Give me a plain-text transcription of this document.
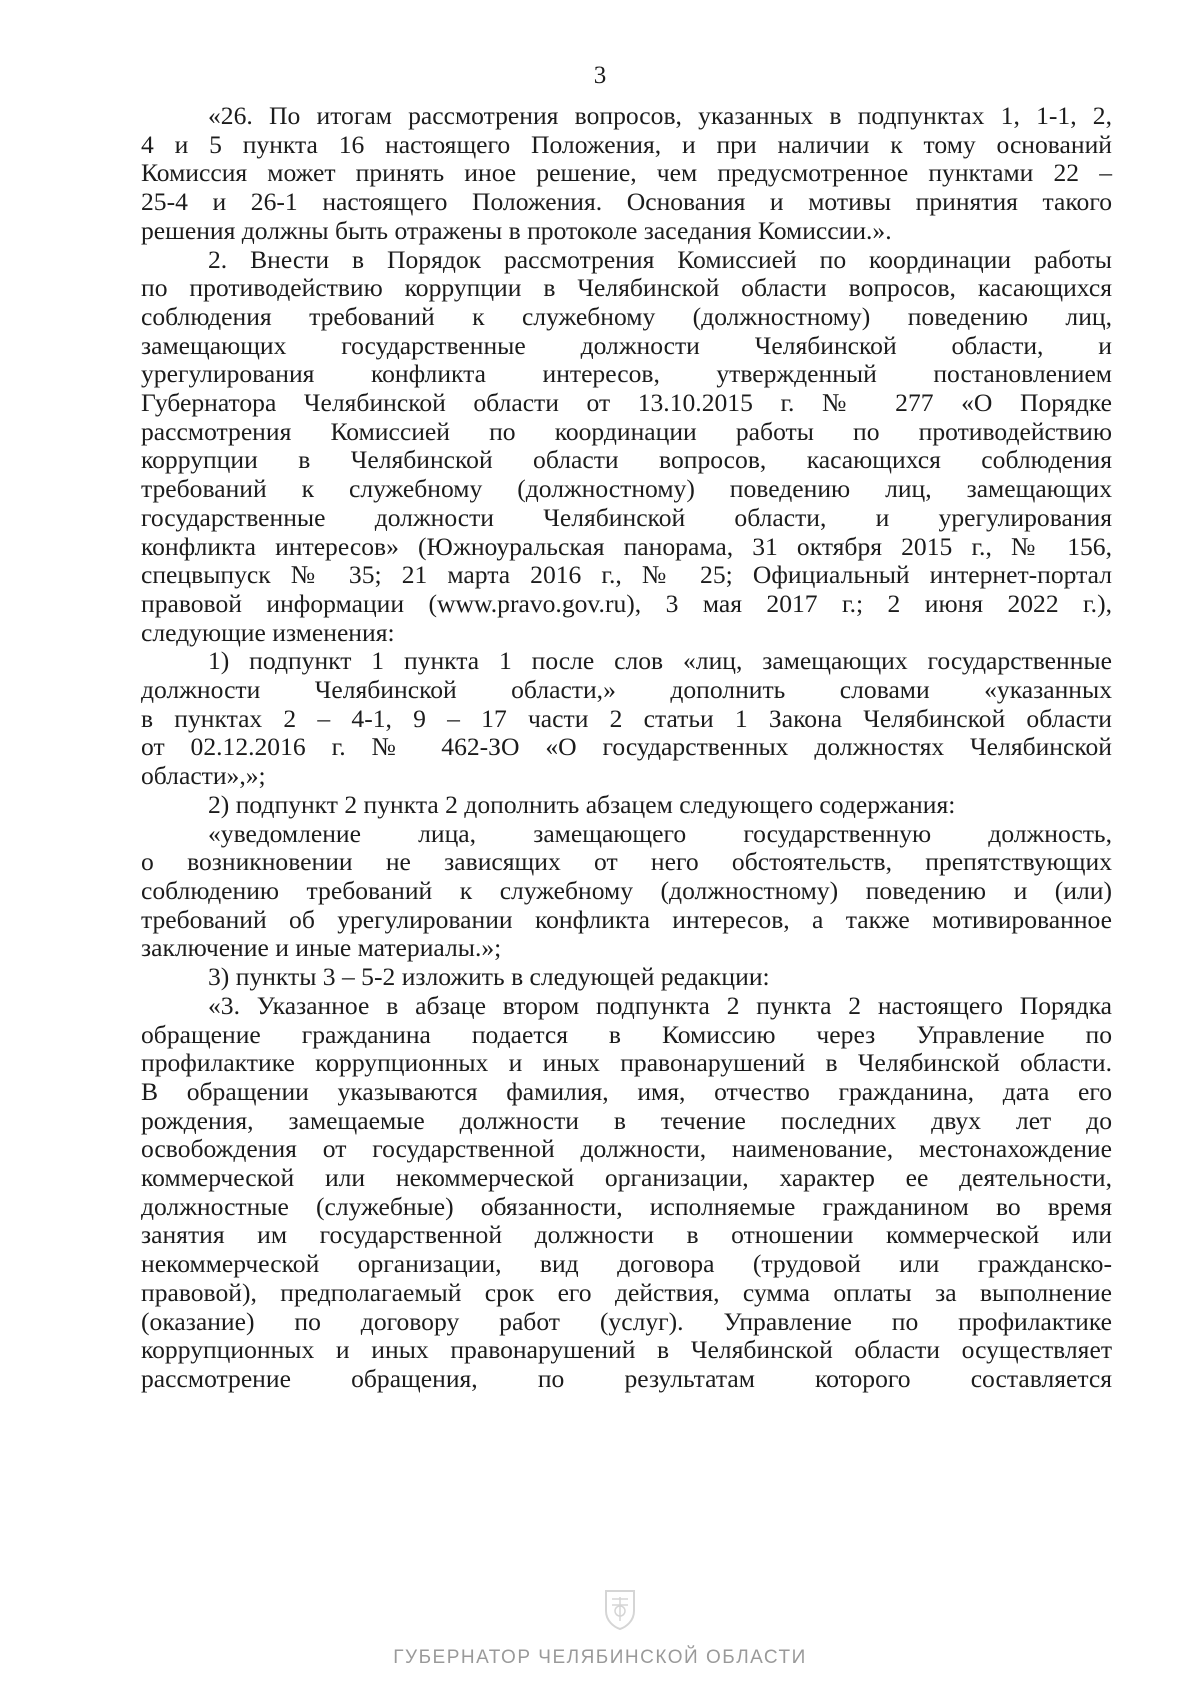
3
«26. По итогам рассмотрения вопросов, указанных в подпунктах 1, 1-1, 2,
4 и 5 пункта 16 настоящего Положения, и при наличии к тому оснований
Комиссия может принять иное решение, чем предусмотренное пунктами 22 –
25-4 и 26-1 настоящего Положения. Основания и мотивы принятия такого
решения должны быть отражены в протоколе заседания Комиссии.».
2. Внести в Порядок рассмотрения Комиссией по координации работы
по противодействию коррупции в Челябинской области вопросов, касающихся
соблюдения требований к служебному (должностному) поведению лиц,
замещающих государственные должности Челябинской области, и
урегулирования конфликта интересов, утвержденный постановлением
Губернатора Челябинской области от 13.10.2015 г. № 277 «О Порядке
рассмотрения Комиссией по координации работы по противодействию
коррупции в Челябинской области вопросов, касающихся соблюдения
требований к служебному (должностному) поведению лиц, замещающих
государственные должности Челябинской области, и урегулирования
конфликта интересов» (Южноуральская панорама, 31 октября 2015 г., № 156,
спецвыпуск № 35; 21 марта 2016 г., № 25; Официальный интернет-портал
правовой информации (www.pravo.gov.ru), 3 мая 2017 г.; 2 июня 2022 г.),
следующие изменения:
1) подпункт 1 пункта 1 после слов «лиц, замещающих государственные
должности Челябинской области,» дополнить словами «указанных
в пунктах 2 – 4-1, 9 – 17 части 2 статьи 1 Закона Челябинской области
от 02.12.2016 г. № 462-ЗО «О государственных должностях Челябинской
области»,»;
2) подпункт 2 пункта 2 дополнить абзацем следующего содержания:
«уведомление лица, замещающего государственную должность,
о возникновении не зависящих от него обстоятельств, препятствующих
соблюдению требований к служебному (должностному) поведению и (или)
требований об урегулировании конфликта интересов, а также мотивированное
заключение и иные материалы.»;
3) пункты 3 – 5-2 изложить в следующей редакции:
«3. Указанное в абзаце втором подпункта 2 пункта 2 настоящего Порядка
обращение гражданина подается в Комиссию через Управление по
профилактике коррупционных и иных правонарушений в Челябинской области.
В обращении указываются фамилия, имя, отчество гражданина, дата его
рождения, замещаемые должности в течение последних двух лет до
освобождения от государственной должности, наименование, местонахождение
коммерческой или некоммерческой организации, характер ее деятельности,
должностные (служебные) обязанности, исполняемые гражданином во время
занятия им государственной должности в отношении коммерческой или
некоммерческой организации, вид договора (трудовой или гражданско-
правовой), предполагаемый срок его действия, сумма оплаты за выполнение
(оказание) по договору работ (услуг). Управление по профилактике
коррупционных и иных правонарушений в Челябинской области осуществляет
рассмотрение обращения, по результатам которого составляется
ГУБЕРНАТОР ЧЕЛЯБИНСКОЙ ОБЛАСТИ
